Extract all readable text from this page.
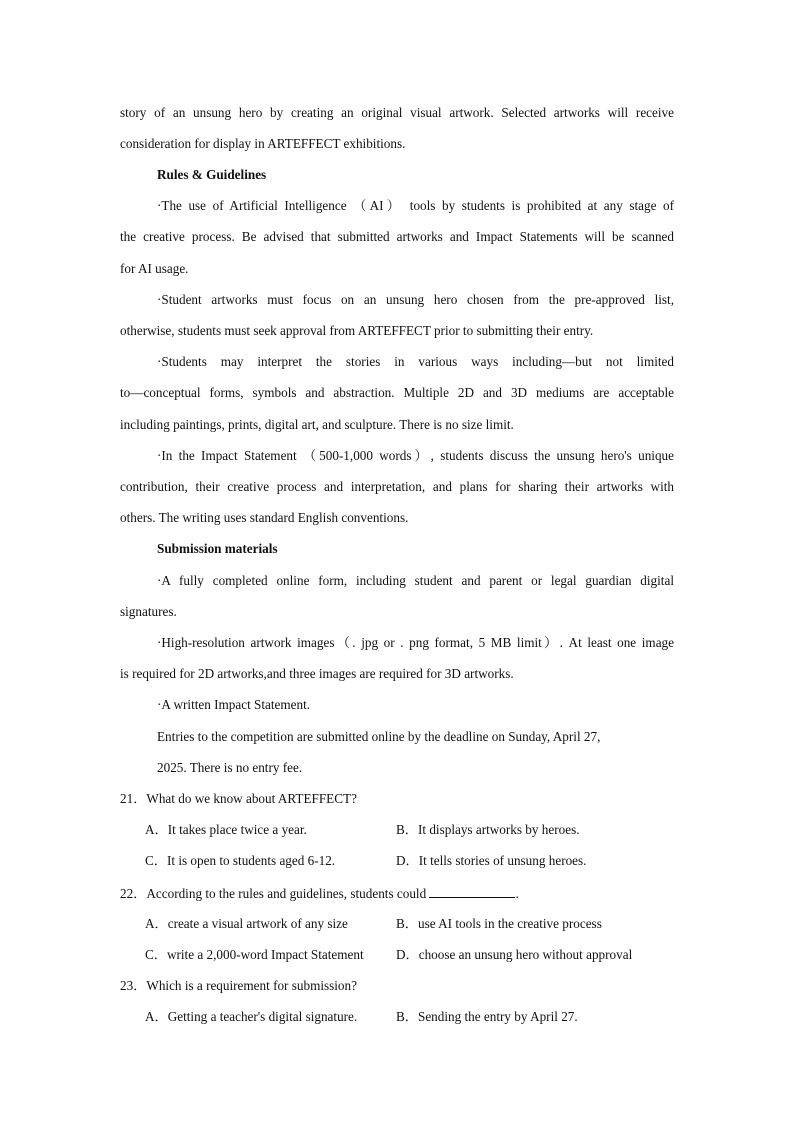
story of an unsung hero by creating an original visual artwork. Selected artworks will receive
consideration for display in ARTEFFECT exhibitions.
Rules & Guidelines
·The use of Artificial Intelligence （AI） tools by students is prohibited at any stage of
the creative process. Be advised that submitted artworks and Impact Statements will be scanned
for AI usage.
·Student artworks must focus on an unsung hero chosen from the pre-approved list,
otherwise, students must seek approval from ARTEFFECT prior to submitting their entry.
·Students may interpret the stories in various ways including—but not limited
to—conceptual forms, symbols and abstraction. Multiple 2D and 3D mediums are acceptable
including paintings, prints, digital art, and sculpture. There is no size limit.
·In the Impact Statement （500-1,000 words）, students discuss the unsung hero's unique
contribution, their creative process and interpretation, and plans for sharing their artworks with
others. The writing uses standard English conventions.
Submission materials
·A fully completed online form, including student and parent or legal guardian digital
signatures.
·High-resolution artwork images（. jpg or . png format, 5 MB limit）. At least one image
is required for 2D artworks,and three images are required for 3D artworks.
·A written Impact Statement.
Entries to the competition are submitted online by the deadline on Sunday, April 27,
2025. There is no entry fee.
21．What do we know about ARTEFFECT?
A．It takes place twice a year.	B．It displays artworks by heroes.
C．It is open to students aged 6-12.	D．It tells stories of unsung heroes.
22．According to the rules and guidelines, students could	.
A．create a visual artwork of any size	B．use AI tools in the creative process
C．write a 2,000-word Impact Statement D．choose an unsung hero without approval
23．Which is a requirement for submission?
A．Getting a teacher's digital signature.	B．Sending the entry by April 27.
